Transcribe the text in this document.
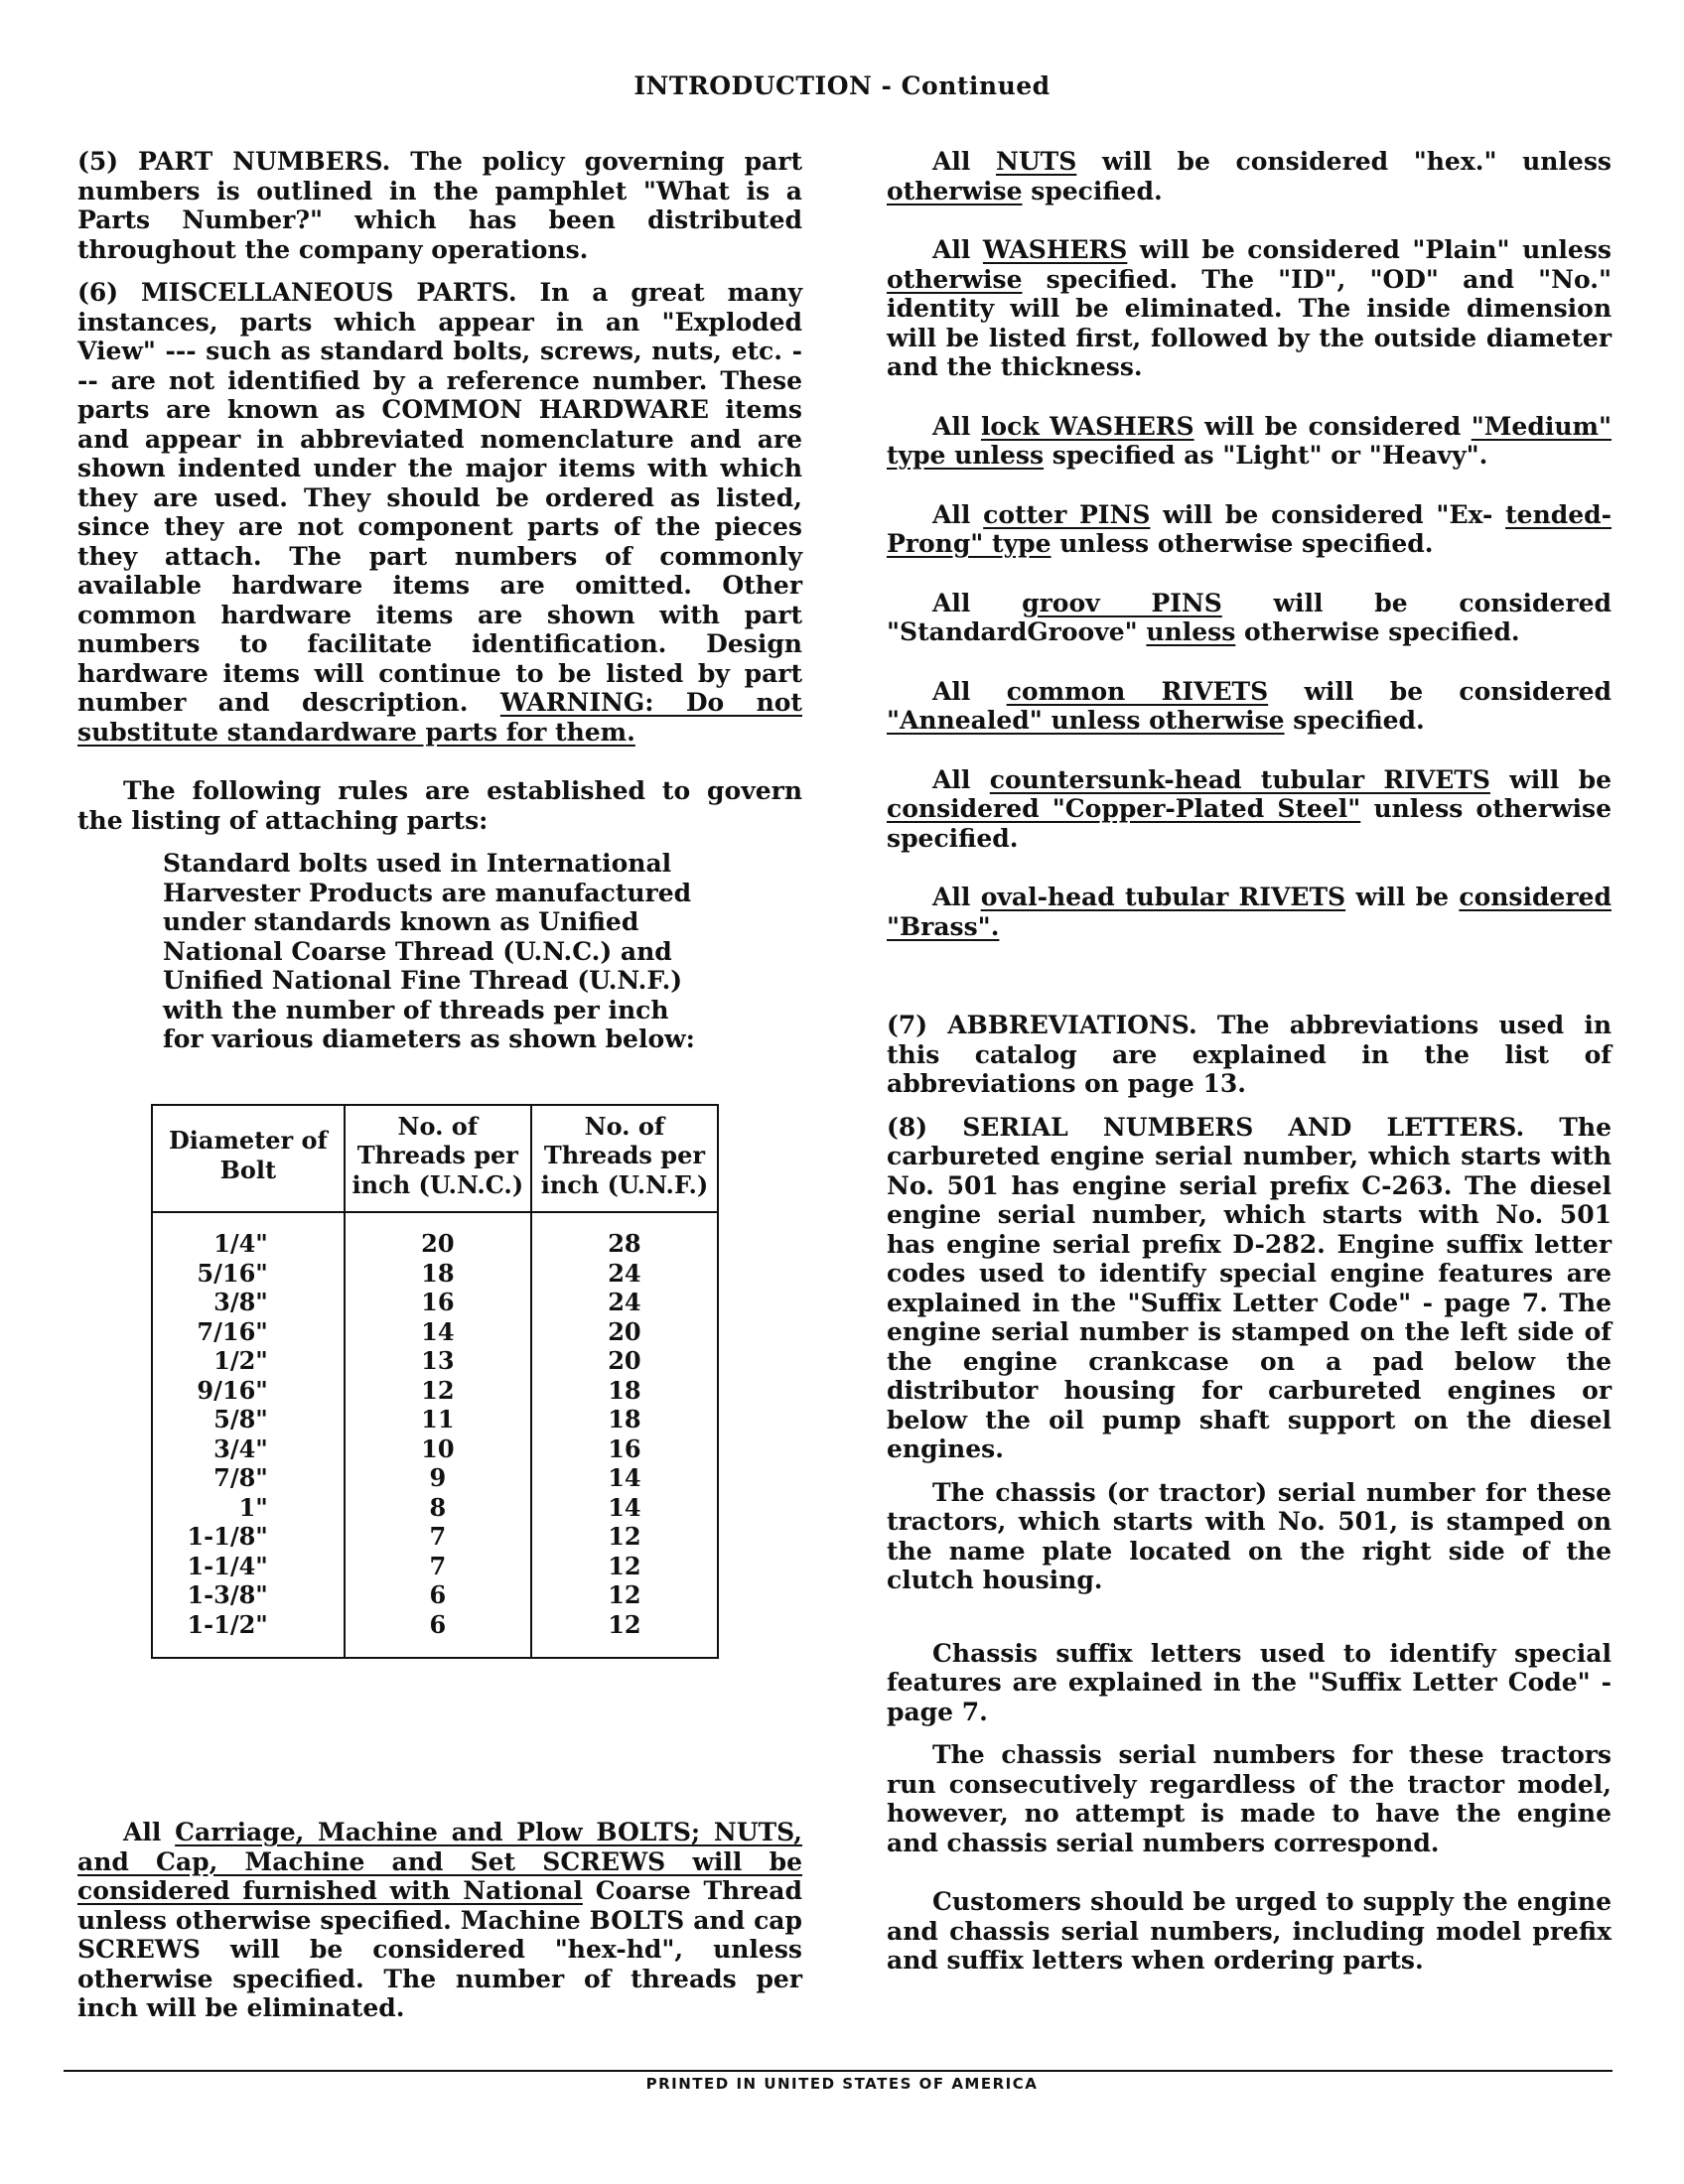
INTRODUCTION - Continued

(5) PART NUMBERS. The policy governing part numbers is outlined in the pamphlet "What is a Parts Number?" which has been distributed throughout the company operations.

(6) MISCELLANEOUS PARTS. In a great many instances, parts which appear in an "Exploded View" --- such as standard bolts, screws, nuts, etc. --- are not identified by a reference number. These parts are known as COMMON HARDWARE items and appear in abbreviated nomenclature and are shown indented under the major items with which they are used. They should be ordered as listed, since they are not component parts of the pieces they attach. The part numbers of commonly available hardware items are omitted. Other common hardware items are shown with part numbers to facilitate identification. Design hardware items will continue to be listed by part number and description. WARNING: Do not substitute standardware parts for them.

The following rules are established to govern the listing of attaching parts:

Standard bolts used in International Harvester Products are manufactured under standards known as Unified National Coarse Thread (U.N.C.) and Unified National Fine Thread (U.N.F.) with the number of threads per inch for various diameters as shown below:

Diameter of Bolt	No. of Threads per inch (U.N.C.)	No. of Threads per inch (U.N.F.)
1/4"	20	28
5/16"	18	24
3/8"	16	24
7/16"	14	20
1/2"	13	20
9/16"	12	18
5/8"	11	18
3/4"	10	16
7/8"	9	14
1"	8	14
1-1/8"	7	12
1-1/4"	7	12
1-3/8"	6	12
1-1/2"	6	12

All Carriage, Machine and Plow BOLTS; NUTS, and Cap, Machine and Set SCREWS will be considered furnished with National Coarse Thread unless otherwise specified. Machine BOLTS and cap SCREWS will be considered "hex-hd", unless otherwise specified. The number of threads per inch will be eliminated.

All NUTS will be considered "hex." unless otherwise specified.

All WASHERS will be considered "Plain" unless otherwise specified. The "ID", "OD" and "No." identity will be eliminated. The inside dimension will be listed first, followed by the outside diameter and the thickness.

All lock WASHERS will be considered "Medium" type unless specified as "Light" or "Heavy".

All cotter PINS will be considered "Ex- tended-Prong" type unless otherwise specified.

All groov PINS will be considered "StandardGroove" unless otherwise specified.

All common RIVETS will be considered "Annealed" unless otherwise specified.

All countersunk-head tubular RIVETS will be considered "Copper-Plated Steel" unless otherwise specified.

All oval-head tubular RIVETS will be considered "Brass".

(7) ABBREVIATIONS. The abbreviations used in this catalog are explained in the list of abbreviations on page 13.

(8) SERIAL NUMBERS AND LETTERS. The carbureted engine serial number, which starts with No. 501 has engine serial prefix C-263. The diesel engine serial number, which starts with No. 501 has engine serial prefix D-282. Engine suffix letter codes used to identify special engine features are explained in the "Suffix Letter Code" - page 7. The engine serial number is stamped on the left side of the engine crankcase on a pad below the distributor housing for carbureted engines or below the oil pump shaft support on the diesel engines.

The chassis (or tractor) serial number for these tractors, which starts with No. 501, is stamped on the name plate located on the right side of the clutch housing.

Chassis suffix letters used to identify special features are explained in the "Suffix Letter Code" - page 7.

The chassis serial numbers for these tractors run consecutively regardless of the tractor model, however, no attempt is made to have the engine and chassis serial numbers correspond.

Customers should be urged to supply the engine and chassis serial numbers, including model prefix and suffix letters when ordering parts.

PRINTED IN UNITED STATES OF AMERICA
